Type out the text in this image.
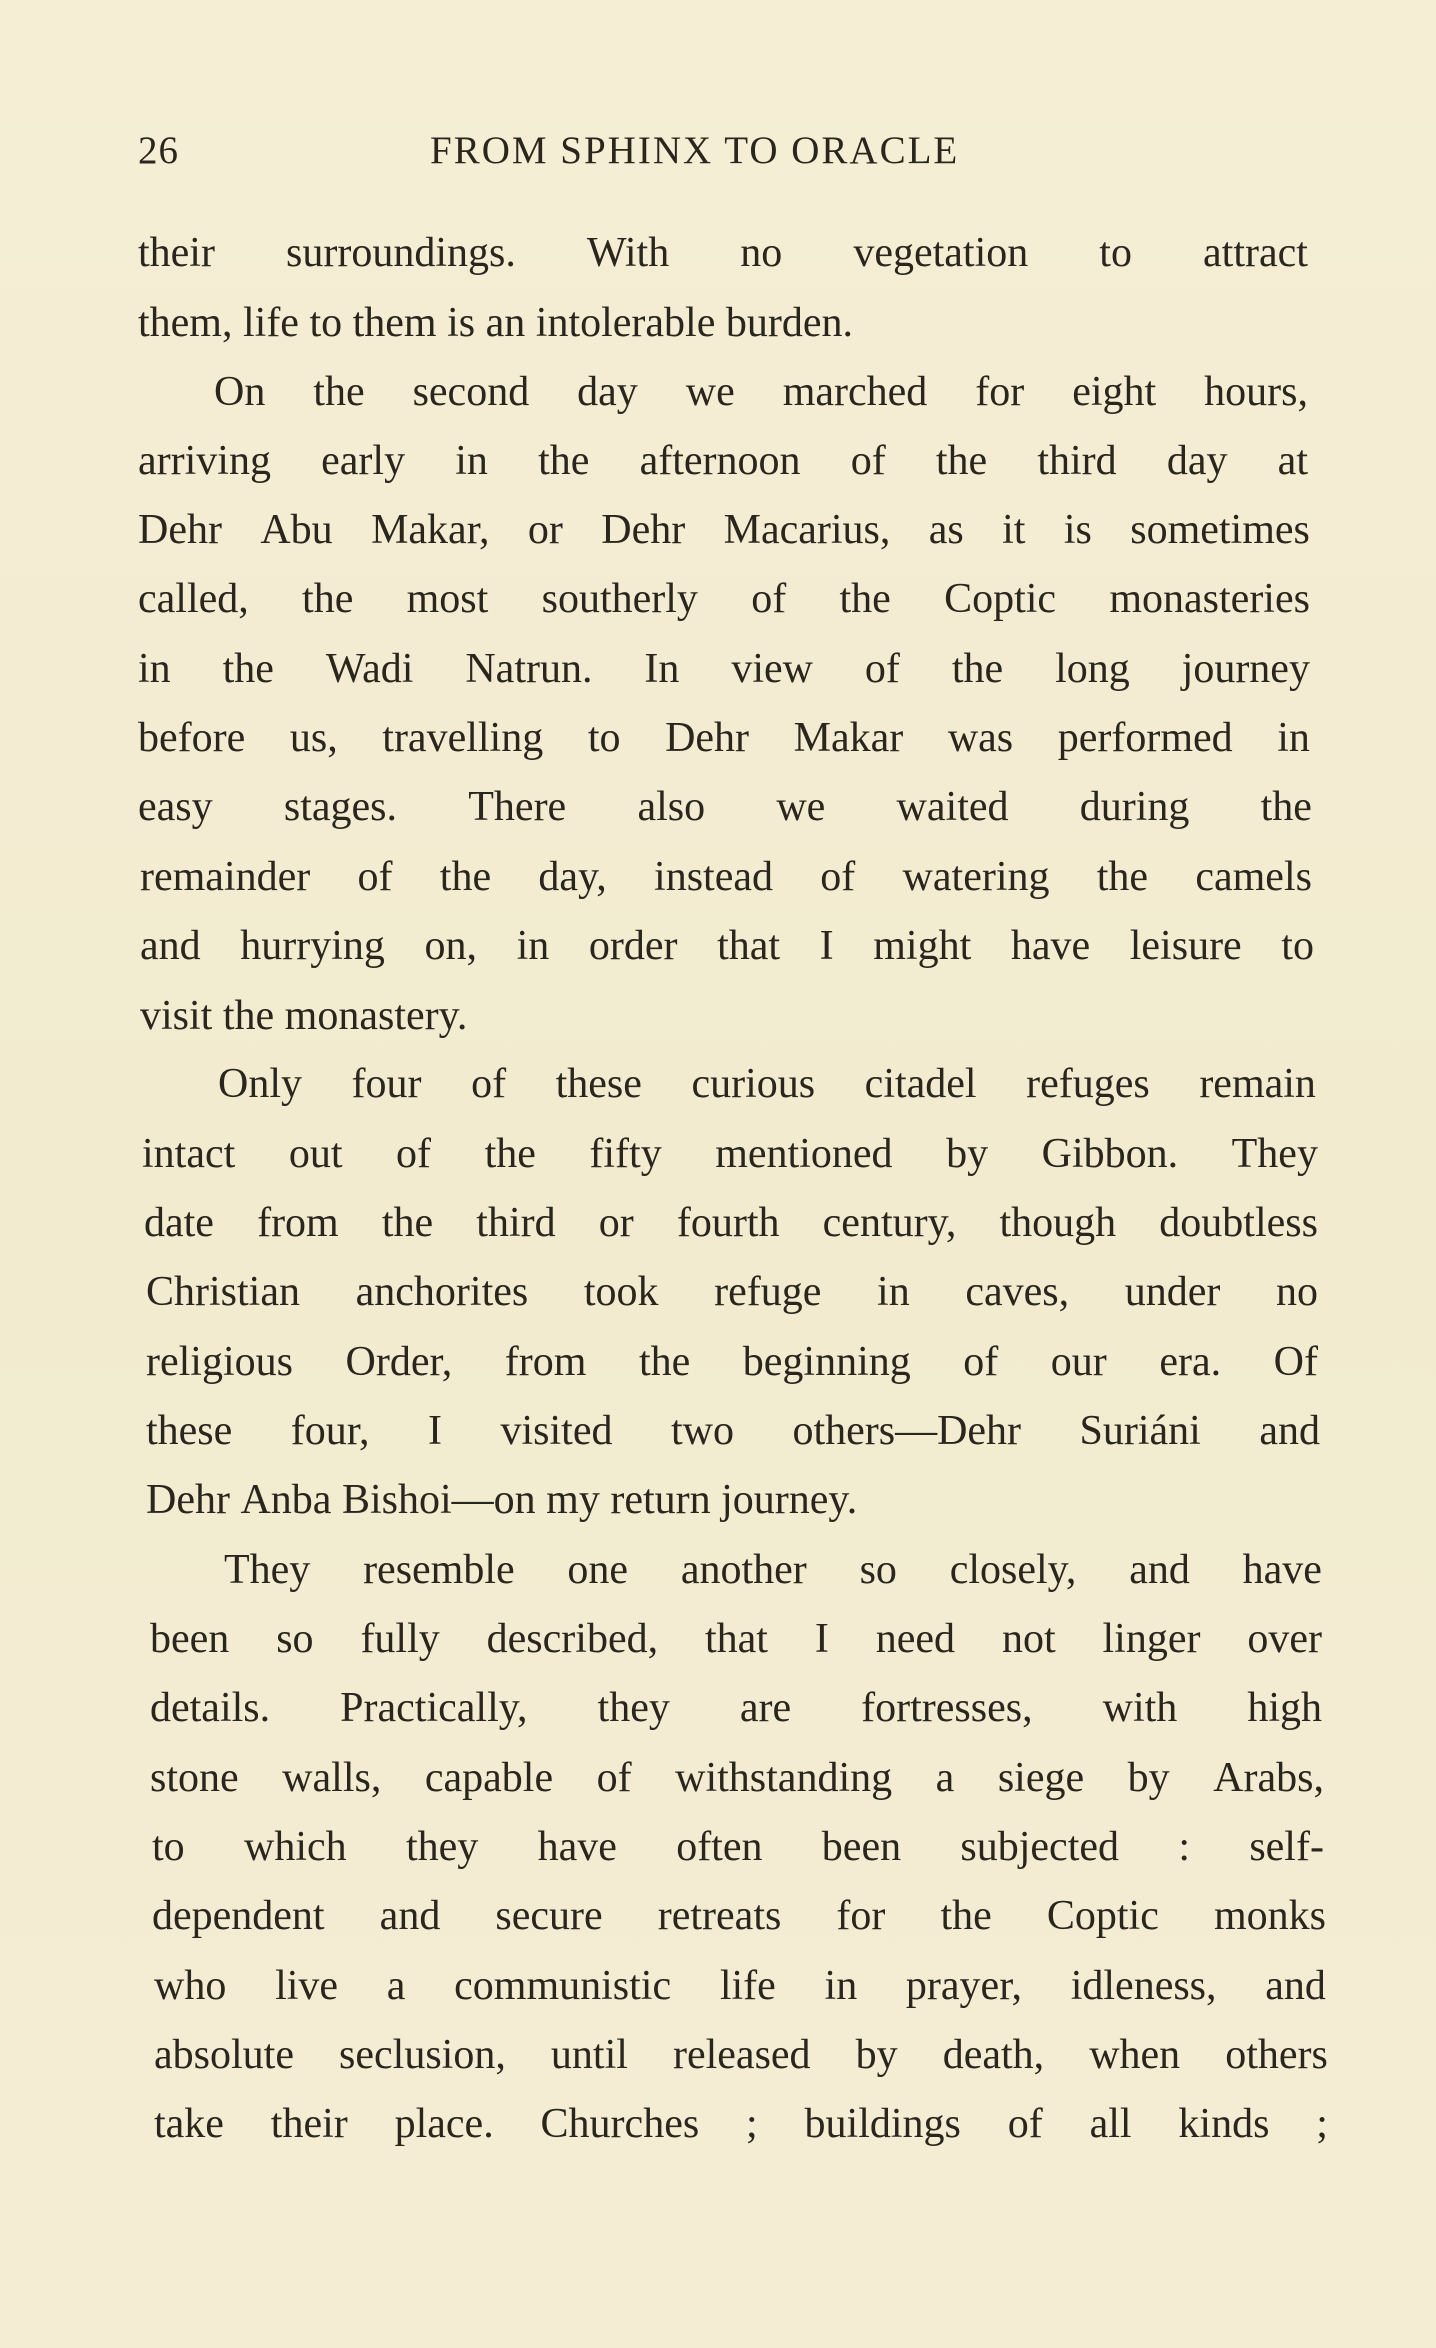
26	FROM SPHINX TO ORACLE
their surroundings. With no vegetation to attract
them, life to them is an intolerable burden.
On the second day we marched for eight hours,
arriving early in the afternoon of the third day at
Dehr Abu Makar, or Dehr Macarius, as it is sometimes
called, the most southerly of the Coptic monasteries
in the Wadi Natrun. In view of the long journey
before us, travelling to Dehr Makar was performed in
easy stages. There also we waited during the
remainder of the day, instead of watering the camels
and hurrying on, in order that I might have leisure to
visit the monastery.
Only four of these curious citadel refuges remain
intact out of the fifty mentioned by Gibbon. They
date from the third or fourth century, though doubtless
Christian anchorites took refuge in caves, under no
religious Order, from the beginning of our era. Of
these four, I visited two others—Dehr Suriáni and
Dehr Anba Bishoi—on my return journey.
They resemble one another so closely, and have
been so fully described, that I need not linger over
details. Practically, they are fortresses, with high
stone walls, capable of withstanding a siege by Arabs,
to which they have often been subjected : self-
dependent and secure retreats for the Coptic monks
who live a communistic life in prayer, idleness, and
absolute seclusion, until released by death, when others
take their place. Churches ; buildings of all kinds ;
